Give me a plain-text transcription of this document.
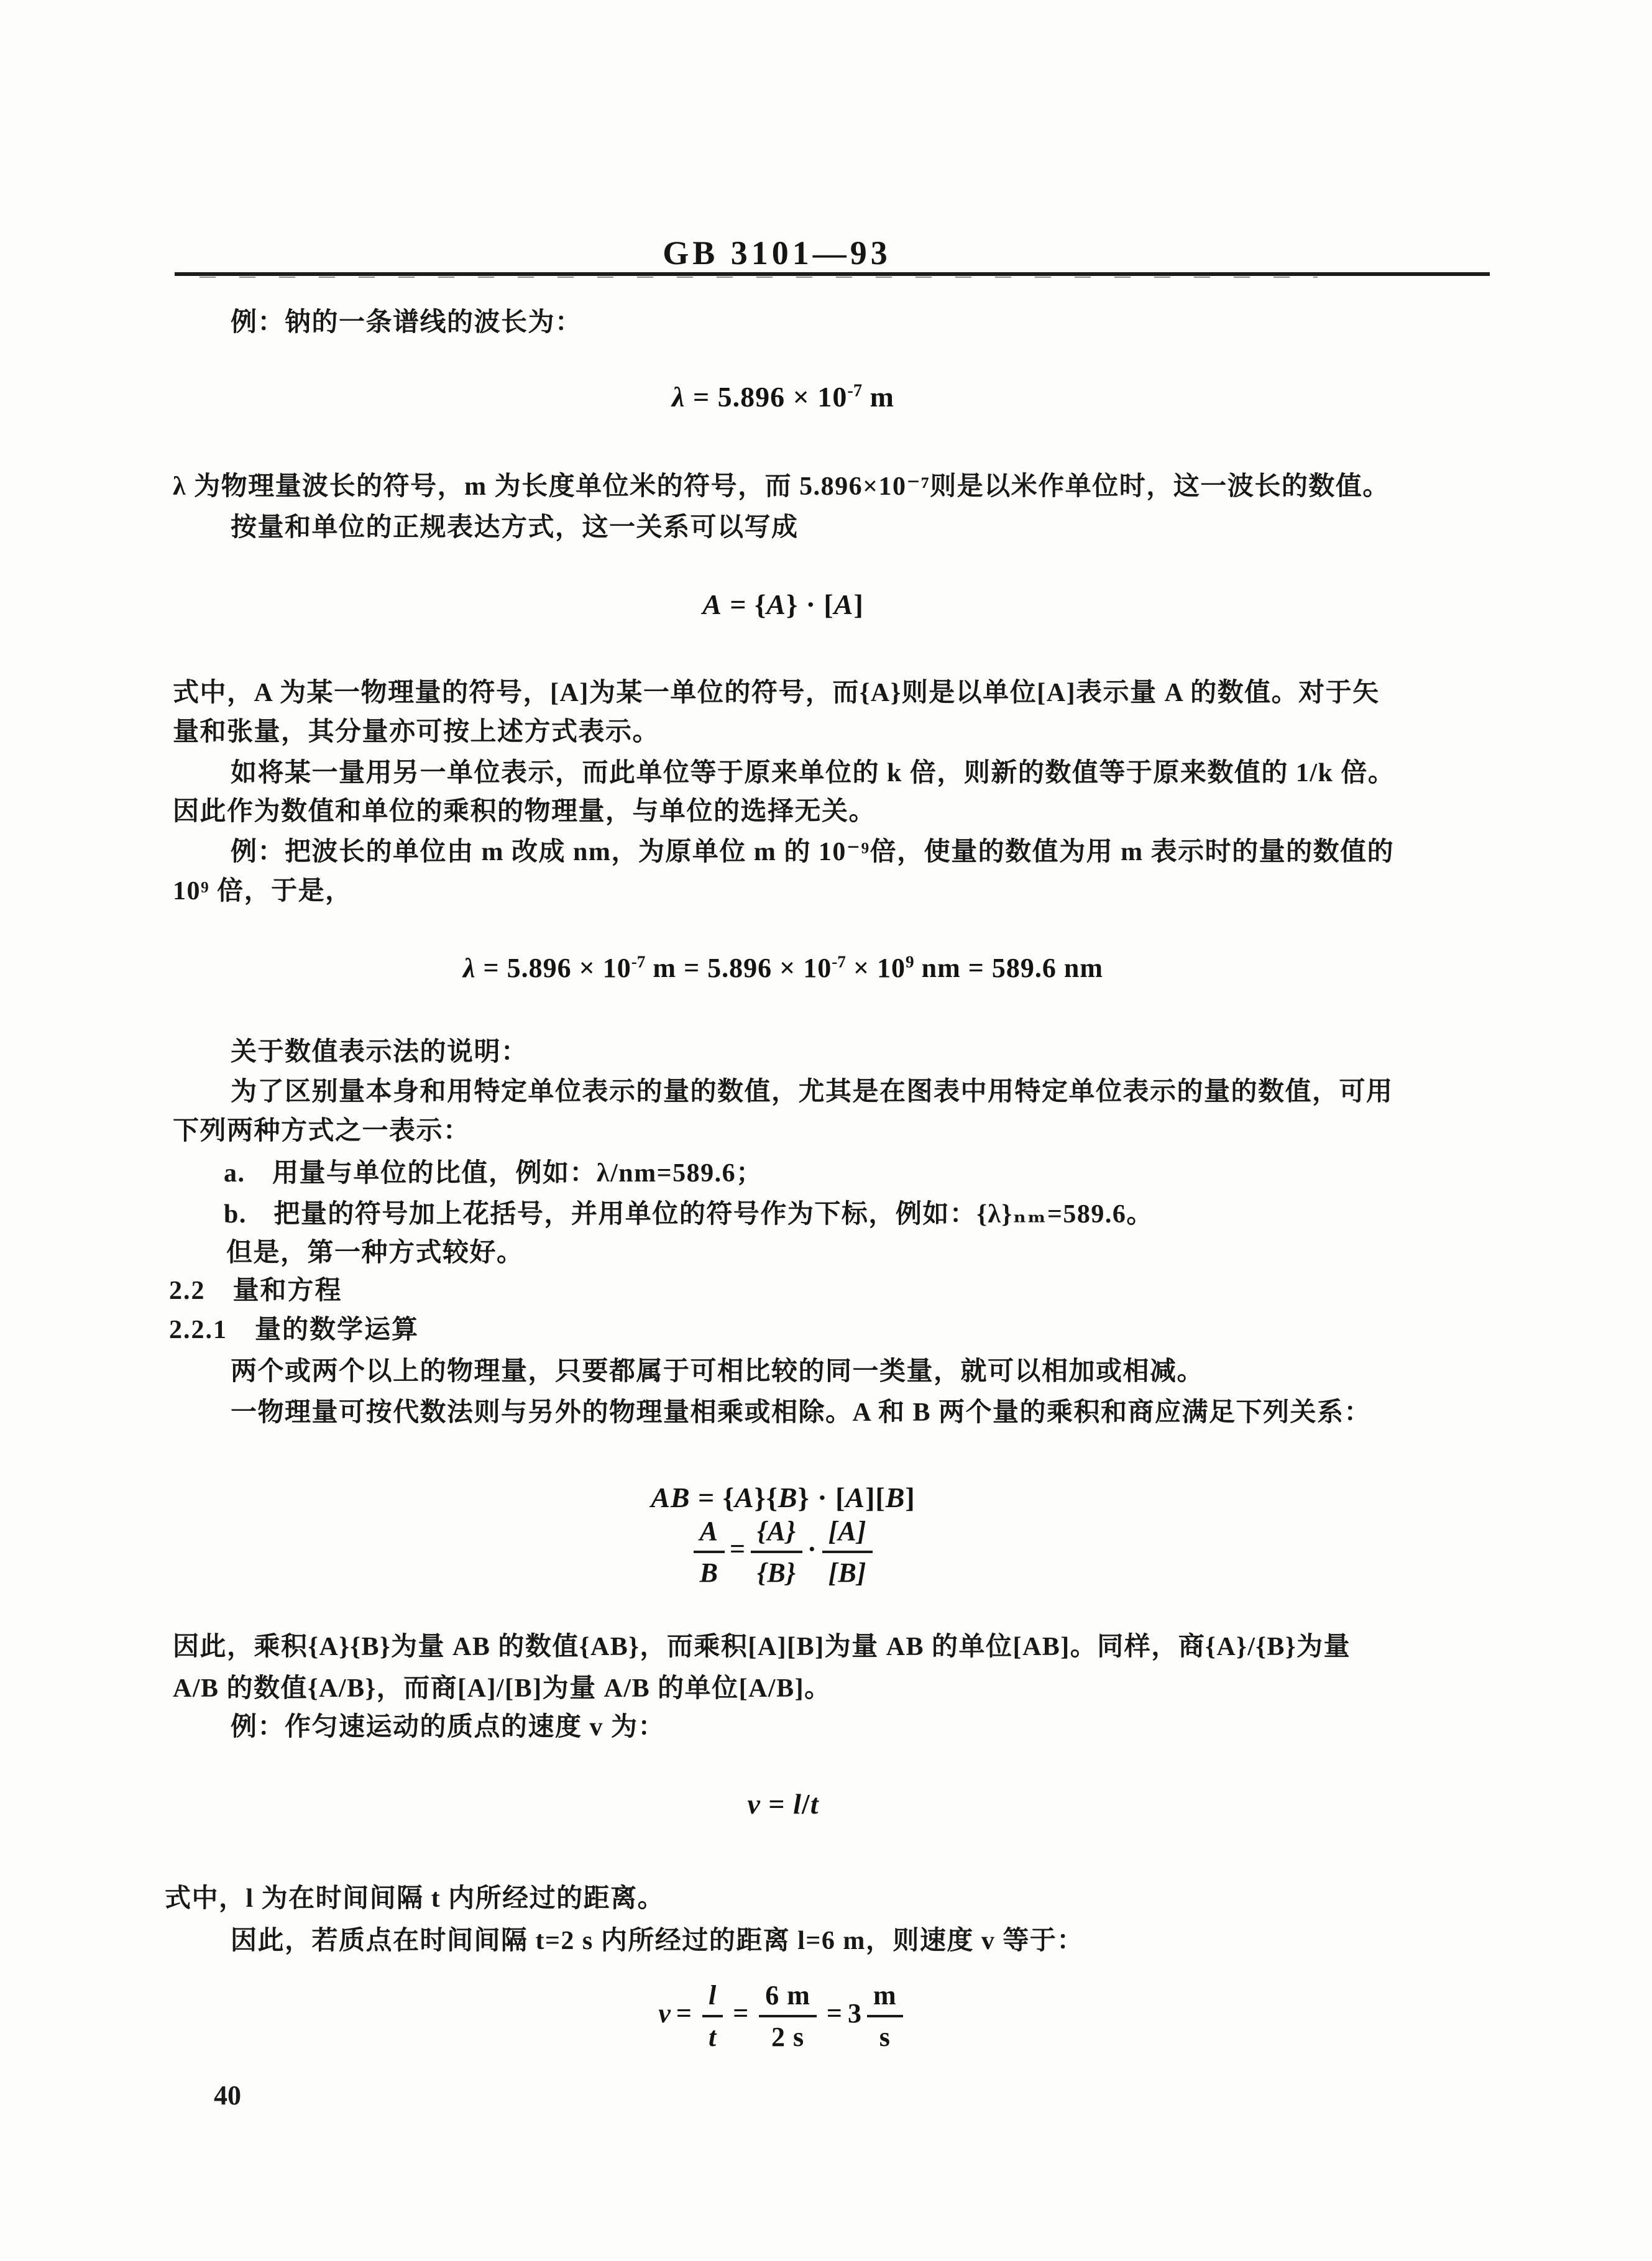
GB 3101—93
例：钠的一条谱线的波长为：
$\lambda = 5.896 \times 10^{-7}$ m
λ 为物理量波长的符号，m 为长度单位米的符号，而 5.896×10⁻⁷则是以米作单位时，这一波长的数值。
按量和单位的正规表达方式，这一关系可以写成
A = {A} · [A]
式中，A 为某一物理量的符号，[A]为某一单位的符号，而{A}则是以单位[A]表示量 A 的数值。对于矢
量和张量，其分量亦可按上述方式表示。
如将某一量用另一单位表示，而此单位等于原来单位的 k 倍，则新的数值等于原来数值的 1/k 倍。
因此作为数值和单位的乘积的物理量，与单位的选择无关。
例：把波长的单位由 m 改成 nm，为原单位 m 的 10⁻⁹倍，使量的数值为用 m 表示时的量的数值的
10⁹ 倍，于是，
$\lambda = 5.896 \times 10^{-7}$ $m = 5.896 \times 10^{-7} \times 10^9$ nm = 589.6 nm
关于数值表示法的说明：
为了区别量本身和用特定单位表示的量的数值，尤其是在图表中用特定单位表示的量的数值，可用
下列两种方式之一表示：
a.　用量与单位的比值，例如：λ/nm=589.6；
b.　把量的符号加上花括号，并用单位的符号作为下标，例如：{λ}ₙₘ=589.6。
但是，第一种方式较好。
2.2　量和方程
2.2.1　量的数学运算
两个或两个以上的物理量，只要都属于可相比较的同一类量，就可以相加或相减。
一物理量可按代数法则与另外的物理量相乘或相除。A 和 B 两个量的乘积和商应满足下列关系：
AB = {A}{B} · [A][B]
$\frac{A}{B} = \frac{\{A\}}{\{B\}} \cdot \frac{[A]}{[B]}$
因此，乘积{A}{B}为量 AB 的数值{AB}，而乘积[A][B]为量 AB 的单位[AB]。同样，商{A}/{B}为量
A/B 的数值{A/B}，而商[A]/[B]为量 A/B 的单位[A/B]。
例：作匀速运动的质点的速度 v 为：
v = l/t
式中，l 为在时间间隔 t 内所经过的距离。
因此，若质点在时间间隔 t=2 s 内所经过的距离 l=6 m，则速度 v 等于：
$v = \frac{l}{t} = \frac{6 m}{2 s} = 3 \frac{m}{s}$
40
